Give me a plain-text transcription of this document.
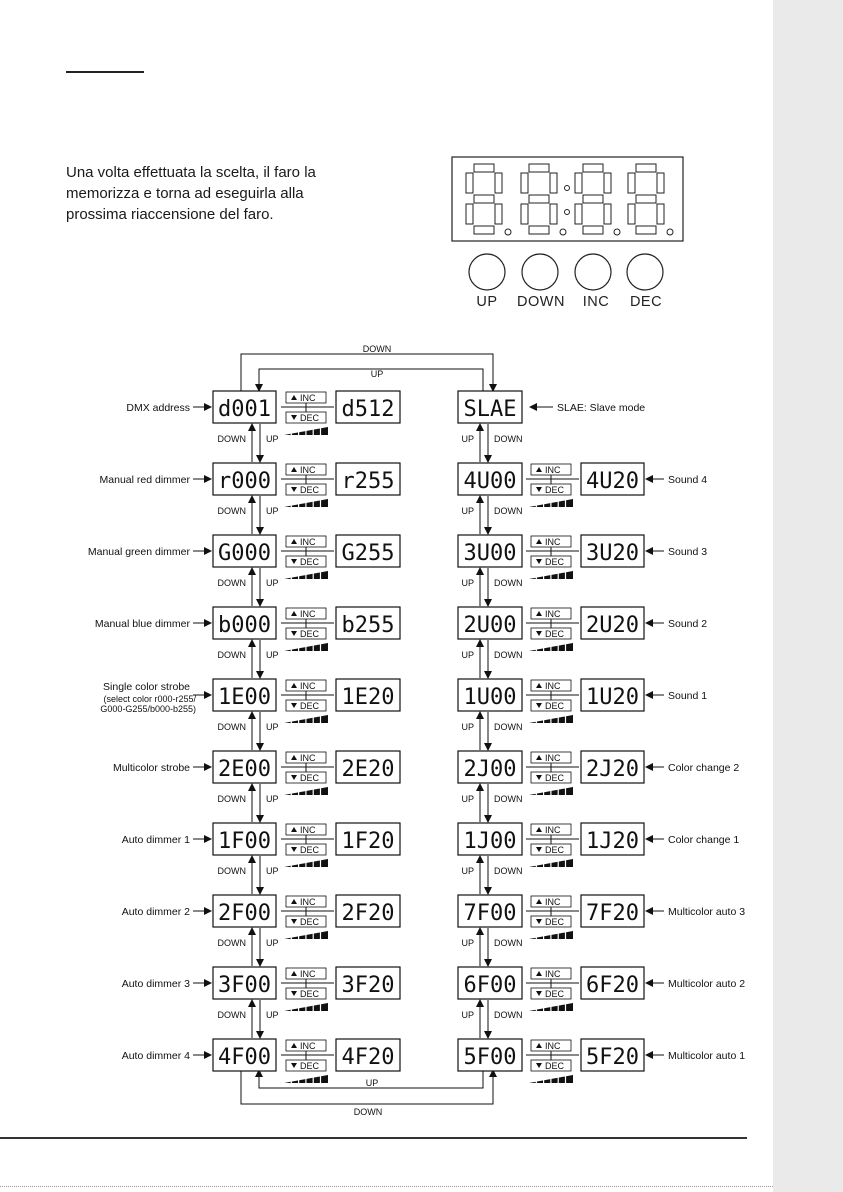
Una volta effettuata la scelta, il faro la
memorizza e torna ad eseguirla alla
prossima riaccensione del faro.
UP DOWN INC DEC
DOWN
UP
UP
DOWN
d001	INC
DEC d512
DMX address
DOWN UP
r000	INC
DEC r255
Manual red dimmer
DOWN UP
G000	INC
DEC G255
Manual green dimmer
DOWN UP
b000	INC
DEC b255
Manual blue dimmer
DOWN UP
1E00	INC
DEC 1E20
Single color strobe
(select color r000-r255/
G000-G255/b000-b255)
DOWN UP
2E00	INC
DEC 2E20
Multicolor strobe
DOWN UP
1F00	INC
DEC 1F20
Auto dimmer 1
DOWN UP
2F00	INC
DEC 2F20
Auto dimmer 2
DOWN UP
3F00	INC
DEC 3F20
Auto dimmer 3
DOWN UP
4F00	INC
DEC 4F20
Auto dimmer 4
SLAE	SLAE: Slave mode
UP DOWN
4U00	INC
DEC 4U20	Sound 4
UP DOWN
3U00	INC
DEC 3U20	Sound 3
UP DOWN
2U00	INC
DEC 2U20	Sound 2
UP DOWN
1U00	INC
DEC 1U20	Sound 1
UP DOWN
2J00	INC
DEC 2J20	Color change 2
UP DOWN
1J00	INC
DEC 1J20	Color change 1
UP DOWN
7F00	INC
DEC 7F20	Multicolor auto 3
UP DOWN
6F00	INC
DEC 6F20	Multicolor auto 2
UP DOWN
5F00	INC
DEC 5F20	Multicolor auto 1
